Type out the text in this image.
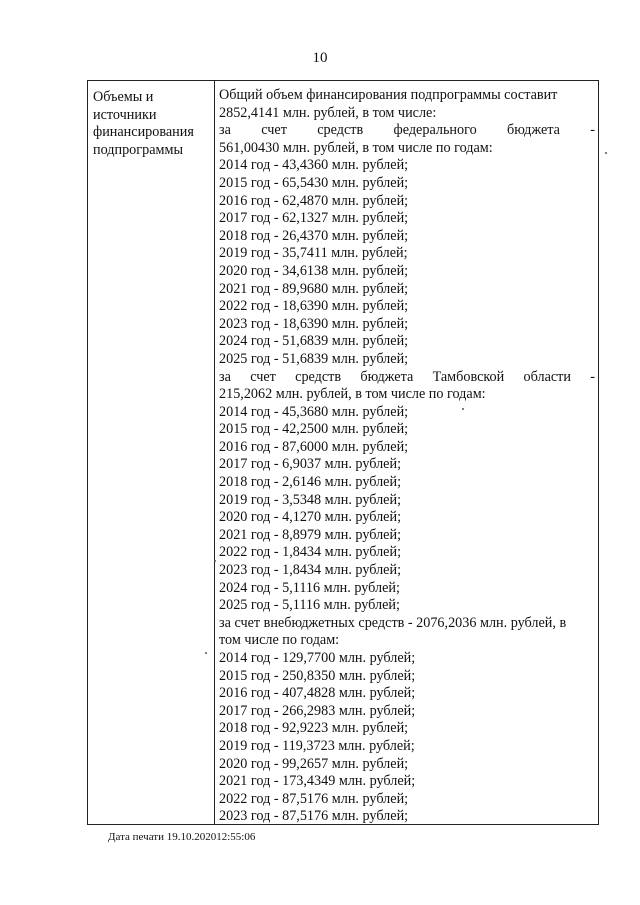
10
Объемы и
источники
финансирования
подпрограммы
Общий объем финансирования подпрограммы составит
2852,4141 млн. рублей, в том числе:
за счет средств федерального бюджета -
561,00430 млн. рублей, в том числе по годам:
2014 год - 43,4360 млн. рублей;
2015 год - 65,5430 млн. рублей;
2016 год - 62,4870 млн. рублей;
2017 год - 62,1327 млн. рублей;
2018 год - 26,4370 млн. рублей;
2019 год - 35,7411 млн. рублей;
2020 год - 34,6138 млн. рублей;
2021 год - 89,9680 млн. рублей;
2022 год - 18,6390 млн. рублей;
2023 год - 18,6390 млн. рублей;
2024 год - 51,6839 млн. рублей;
2025 год - 51,6839 млн. рублей;
за счет средств бюджета Тамбовской области -
215,2062 млн. рублей, в том числе по годам:
2014 год - 45,3680 млн. рублей;
2015 год - 42,2500 млн. рублей;
2016 год - 87,6000 млн. рублей;
2017 год - 6,9037 млн. рублей;
2018 год - 2,6146 млн. рублей;
2019 год - 3,5348 млн. рублей;
2020 год - 4,1270 млн. рублей;
2021 год - 8,8979 млн. рублей;
2022 год - 1,8434 млн. рублей;
2023 год - 1,8434 млн. рублей;
2024 год - 5,1116 млн. рублей;
2025 год - 5,1116 млн. рублей;
за счет внебюджетных средств - 2076,2036 млн. рублей, в
том числе по годам:
2014 год - 129,7700 млн. рублей;
2015 год - 250,8350 млн. рублей;
2016 год - 407,4828 млн. рублей;
2017 год - 266,2983 млн. рублей;
2018 год - 92,9223 млн. рублей;
2019 год - 119,3723 млн. рублей;
2020 год - 99,2657 млн. рублей;
2021 год - 173,4349 млн. рублей;
2022 год - 87,5176 млн. рублей;
2023 год - 87,5176 млн. рублей;
Дата печати 19.10.202012:55:06
